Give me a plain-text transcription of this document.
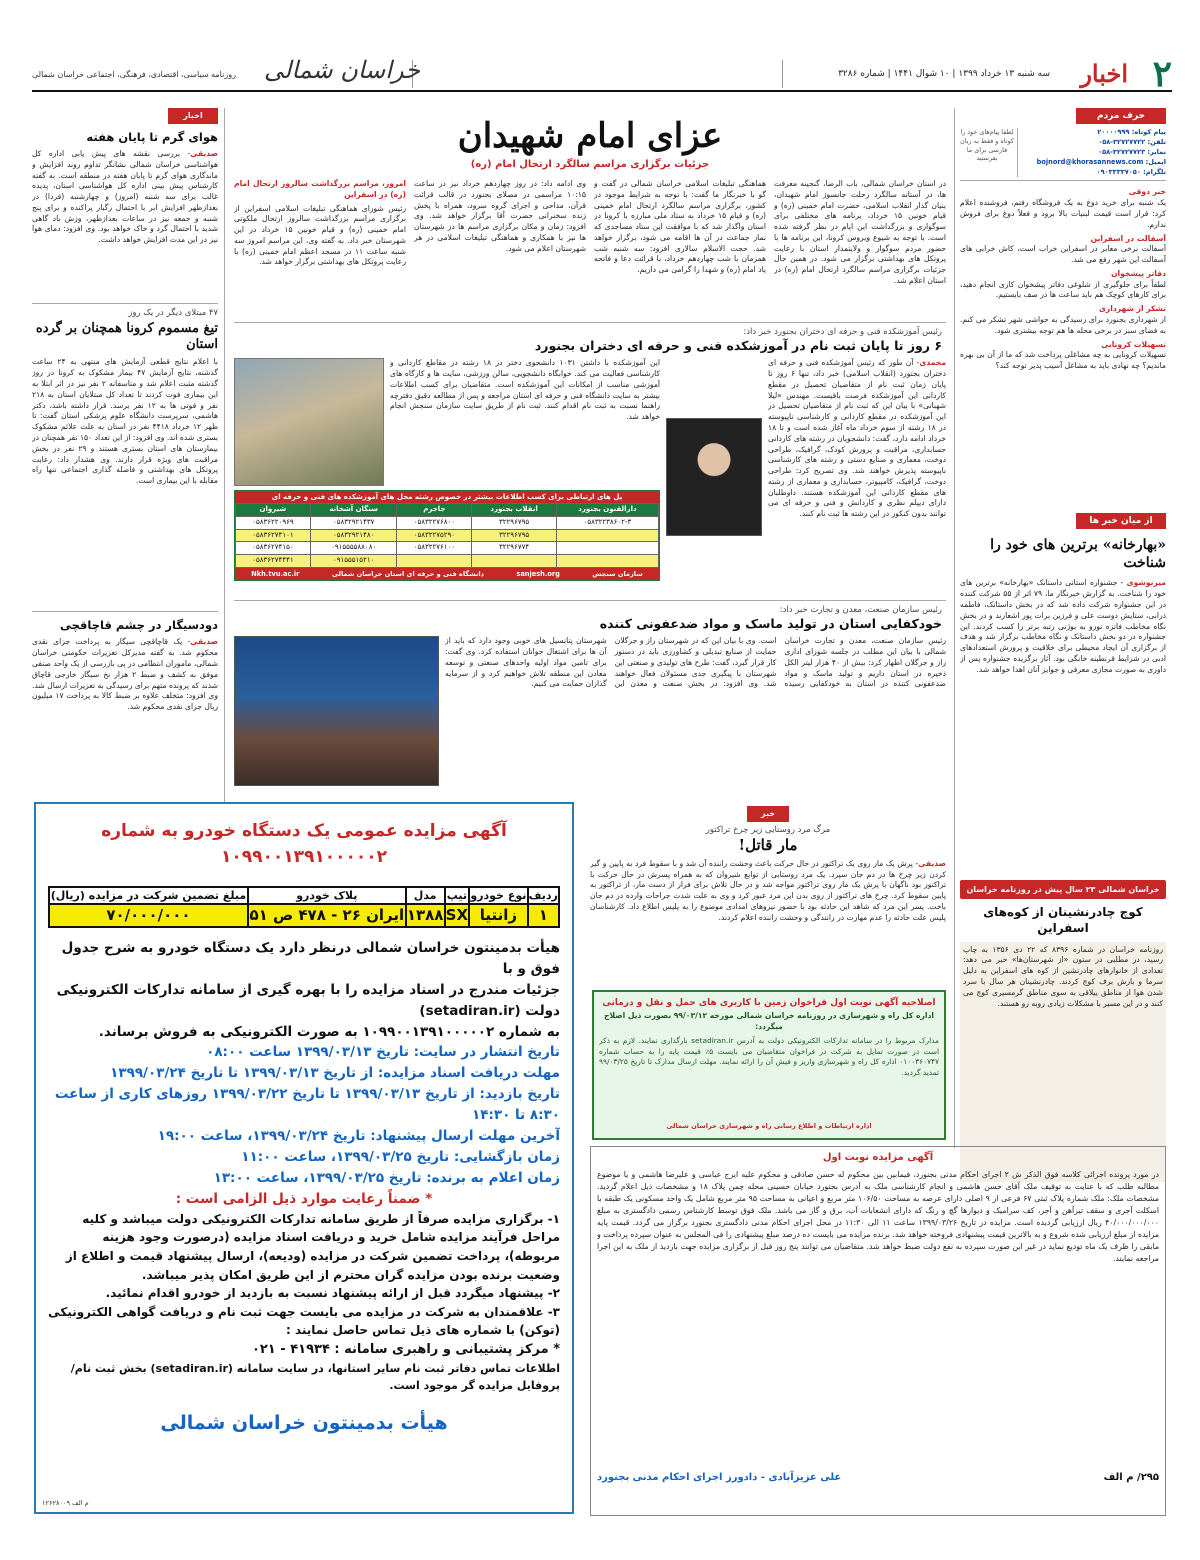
۲
اخبار
سه شنبه ۱۳ خرداد ۱۳۹۹ | ۱۰ شوال ۱۴۴۱ | شماره ۳۲۸۶
خراسان شمالی
روزنامه سیاسی، اقتصادی، فرهنگی، اجتماعی خراسان شمالی
حرف مردم
پیام کوتاه: ۲۰۰۰۰۹۹۹
تلفن: ۳۲۷۲۷۷۲۲-۰۵۸
نمابر: ۳۲۷۲۷۷۲۳-۰۵۸
ایمیل: bojnord@khorasannews.com
تلگرام: ۰۹۰۳۳۳۳۷۰۵۰
لطفا پیام‌های خود را کوتاه و فقط به زبان فارسی برای ما بفرستید

خبر دوقی
یک شنبه برای خرید دوغ به یک فروشگاه رفتم، فروشنده اعلام کرد: قرار است قیمت لبنیات بالا برود و فعلاً دوغ برای فروش ندارم.

آسفالت در اسفراین
آسفالت برخی معابر در اسفراین خراب است، کاش خرابی های آسفالت این شهر رفع می شد.

دفاتر پیشخوان
لطفاً برای جلوگیری از شلوغی دفاتر پیشخوان کاری انجام دهید، برای کارهای کوچک هم باید ساعت ها در صف بایستیم.

تشکر از شهرداری
از شهرداری بجنورد برای رسیدگی به حواشی شهر تشکر می کنم. به فضای سبز در برخی محله ها هم توجه بیشتری شود.

تسهیلات کرونایی
تسهیلات کرونایی به چه مشاغلی پرداخت شد که ما از آن بی بهره ماندیم؟ چه نهادی باید به مشاغل آسیب پذیر توجه کند؟

از میان خبر ها
«بهارخانه» برترین های خود را شناخت

میرنوشوی - جشنواره استانی داستانک «بهارخانه» برترین های خود را شناخت. به گزارش خبرنگار ما، ۷۹ اثر از ۵۵ شرکت کننده در این جشنواره شرکت داده شد که در بخش داستانک، فاطمه ذرابی، ستایش دوست علی و فرزین برات پور اشعارند و در بخش نگاه مخاطب فاتزه نورو به بوژنی رتبه برتر را کسب کردند. این جشنواره در دو بخش داستانک و نگاه مخاطب برگزار شد و هدف از برگزاری آن ایجاد محیطی برای خلاقیت و پرورش استعدادهای ادبی در شرایط قرنطینه خانگی بود. آثار برگزیده جشنواره پس از داوری به صورت مجازی معرفی و جوایز آنان اهدا خواهد شد.

خراسان شمالی ۲۳ سال پیش در روزنامه خراسان
کوچ چادرنشینان از کوه‌های اسفراین
روزنامه خراسان در شماره ۸۳۹۶ که ۲۲ دی ۱۳۵۶ به چاپ رسید، در مطلبی در ستون «از شهرستان‌ها» خبر می دهد: تعدادی از خانوارهای چادرنشین از کوه های اسفراین به دلیل سرما و بارش برف کوچ کردند. چادرنشینان هر سال با سرد شدن هوا از مناطق ییلاقی به سوی مناطق گرمسیری کوچ می کنند و در این مسیر با مشکلات زیادی روبه رو هستند.
اخبار
هوای گرم تا پایان هفته

صدیقی- بررسی نقشه های پیش یابی اداره کل هواشناسی خراسان شمالی نشانگر تداوم روند افزایش و ماندگاری هوای گرم تا پایان هفته در منطقه است. به گفته کارشناس پیش بینی اداره کل هواشناسی استان، پدیده غالب برای سه شنبه (امروز) و چهارشنبه (فردا) در بعدازظهر افزایش ابر با احتمال رگبار پراکنده و برای پنج شنبه و جمعه نیز در ساعات بعدازظهر، وزش باد گاهی شدید با احتمال گرد و خاک خواهد بود. وی افزود: دمای هوا نیز در این مدت افزایش خواهد داشت.

۴۷ مبتلای دیگر در یک روز
تیغ مسموم کرونا همچنان بر گرده استان
با اعلام نتایج قطعی آزمایش های منتهی به ۲۴ ساعت گذشته، نتایج آزمایش ۴۷ بیمار مشکوک به کرونا در روز گذشته مثبت اعلام شد و متاسفانه ۲ نفر نیز در اثر ابتلا به این بیماری فوت کردند تا تعداد کل مبتلایان استان به ۲۱۸ نفر و فوتی ها به ۱۲ نفر برسد. قرار داشته باشد، دکتر هاشمی، سرپرست دانشگاه علوم پزشکی استان گفت: تا ظهر ۱۲ خرداد ۴۴۱۸ نفر در استان به علت علائم مشکوک بستری شده اند. وی افزود: از این تعداد ۱۵۰ نفر همچنان در بیمارستان های استان بستری هستند و ۲۹ نفر در بخش مراقبت های ویژه قرار دارند. وی هشدار داد: رعایت پروتکل های بهداشتی و فاصله گذاری اجتماعی تنها راه مقابله با این بیماری است.
دودسیگار در چشم قاچاقچی

صدیقی- یک قاچاقچی سیگار به پرداخت جزای نقدی محکوم شد. به گفته مدیرکل تعزیرات حکومتی خراسان شمالی، ماموران انتظامی در پی بازرسی از یک واحد صنفی موفق به کشف و ضبط ۲ هزار نخ سیگار خارجی قاچاق شدند که پرونده متهم برای رسیدگی به تعزیرات ارسال شد. وی افزود: متخلف علاوه بر ضبط کالا به پرداخت ۱۷ میلیون ریال جزای نقدی محکوم شد.

عزای امام شهیدان
جزئیات برگزاری مراسم سالگرد ارتحال امام (ره)
در استان خراسان شمالی، باب الرضا، گنجینه معرفت ها، در آستانه سالگرد رحلت جانسوز امام شهیدان، بنیان گذار انقلاب اسلامی، حضرت امام خمینی (ره) و قیام خونین ۱۵ خرداد، برنامه های مختلفی برای سوگواری و بزرگداشت این ایام در نظر گرفته شده است. با توجه به شیوع ویروس کرونا، این برنامه ها با حضور مردم سوگوار و ولایتمدار استان با رعایت پروتکل های بهداشتی برگزار می شود. در همین حال جزئیات برگزاری مراسم سالگرد ارتحال امام (ره) در استان اعلام شد.
هماهنگی تبلیغات اسلامی خراسان شمالی در گفت و گو با خبرنگار ما گفت: با توجه به شرایط موجود در کشور، برگزاری مراسم سالگرد ارتحال امام خمینی (ره) و قیام ۱۵ خرداد به ستاد ملی مبارزه با کرونا در استان واگذار شد که با موافقت این ستاد مساجدی که نماز جماعت در آن ها اقامه می شود، برگزار خواهد شد. حجت الاسلام سالاری افزود: سه شنبه شب همزمان با شب چهاردهم خرداد، با قرائت دعا و فاتحه یاد امام (ره) و شهدا را گرامی می داریم.
وی ادامه داد: در روز چهاردهم خرداد نیز در ساعت ۱۰:۱۵ مراسمی در مصلای بجنورد در قالب قرائت قرآن، مداحی و اجرای گروه سرود، همراه با پخش زنده سخنرانی حضرت آقا برگزار خواهد شد. وی افزود: زمان و مکان برگزاری مراسم ها در شهرستان ها نیز با همکاری و هماهنگی تبلیغات اسلامی در هر شهرستان اعلام می شود.

امروز، مراسم بزرگداشت سالروز ارتحال امام (ره) در اسفراین

رئیس شورای هماهنگی تبلیغات اسلامی اسفراین از برگزاری مراسم بزرگداشت سالروز ارتحال ملکوتی امام خمینی (ره) و قیام خونین ۱۵ خرداد در این شهرستان خبر داد. به گفته وی، این مراسم امروز سه شنبه ساعت ۱۱ در مسجد اعظم امام خمینی (ره) با رعایت پروتکل های بهداشتی برگزار خواهد شد.

رئیس آموزشکده فنی و حرفه ای دختران بجنورد خبر داد:
۶ روز تا پایان ثبت نام در آموزشکده فنی و حرفه ای دختران بجنورد

محمدی- آن طور که رئیس آموزشکده فنی و حرفه ای دختران بجنورد (انقلاب اسلامی) خبر داد، تنها ۶ روز تا پایان زمان ثبت نام از متقاضیان تحصیل در مقطع کاردانی این آموزشکده فرصت باقیست. مهندس «لیلا شهبانی» با بیان این که ثبت نام از متقاضیان تحصیل در این آموزشکده در مقطع کاردانی و کارشناسی ناپیوسته در ۱۸ رشته از سوم خرداد ماه آغاز شده است و تا ۱۸ خرداد ادامه دارد، گفت: دانشجویان در رشته های کاردانی حسابداری، مراقبت و پرورش کودک، گرافیک، طراحی دوخت، معماری و صنایع دستی و رشته های کارشناسی ناپیوسته پذیرش خواهند شد. وی تصریح کرد: طراحی دوخت، گرافیک، کامپیوتر، حسابداری و معماری از رشته های مقطع کاردانی این آموزشکده هستند. داوطلبان دارای دیپلم نظری و کاردانش و فنی و حرفه ای می توانند بدون کنکور در این رشته ها ثبت نام کنند.

این آموزشکده با داشتن ۱۰۳۱ دانشجوی دختر در ۱۸ رشته در مقاطع کاردانی و کارشناسی فعالیت می کند. خوابگاه دانشجویی، سالن ورزشی، سایت ها و کارگاه های آموزشی مناسب از امکانات این آموزشکده است. متقاضیان برای کسب اطلاعات بیشتر به سایت دانشگاه فنی و حرفه ای استان مراجعه و پس از مطالعه دقیق دفترچه راهنما نسبت به ثبت نام اقدام کنند. ثبت نام از طریق سایت سازمان سنجش انجام خواهد شد.
پل های ارتباطی برای کسب اطلاعات بیشتر در خصوص رشته محل های آموزشکده های فنی و حرفه ای
دارالقنون بجنورد	انقلاب بجنورد	جاجرم	سنگان آشخانه	شیروان
۰۵۸۳۲۲۳۸۶۰۲-۳	۳۲۲۹۶۷۹۵	۰۵۸۳۲۲۷۶۸۰۰	۰۵۸۳۲۹۲۱۴۳۷	۰۵۸۳۶۲۲۰۹۶۹
	۳۲۲۹۶۷۹۵	۰۵۸۳۲۲۷۵۲۹۰	۰۵۸۳۲۹۲۱۴۸۰	۰۵۸۳۶۲۷۴۱۰۱
	۳۲۲۹۶۷۷۴	۰۵۸۳۲۲۷۶۱۰۰	۰۹۱۵۵۵۵۸۸۰۸۰	۰۵۸۳۶۲۷۴۱۵۰
			۰۹۱۵۵۵۱۵۲۱۰	۰۵۸۳۶۲۷۴۴۴۱
سازمان سنجش
sanjesh.org
دانشگاه فنی و حرفه ای استان خراسان شمالی
Nkh.tvu.ac.ir
رئیس سازمان صنعت، معدن و تجارت خبر داد:
خودکفایی استان در تولید ماسک و مواد ضدعفونی کننده
رئیس سازمان صنعت، معدن و تجارت خراسان شمالی با بیان این مطلب در جلسه شورای اداری راز و جرگلان اظهار کرد: بیش از ۴۰ هزار لیتر الکل ذخیره در استان داریم و تولید ماسک و مواد ضدعفونی کننده در استان به خودکفایی رسیده است. وی با بیان این که در شهرستان راز و جرگلان حمایت از صنایع تبدیلی و کشاورزی باید در دستور کار قرار گیرد، گفت: طرح های تولیدی و صنعتی این شهرستان با پیگیری جدی مسئولان فعال خواهند شد. وی افزود: در بخش صنعت و معدن این شهرستان پتانسیل های خوبی وجود دارد که باید از آن ها برای اشتغال جوانان استفاده کرد. وی گفت: برای تامین مواد اولیه واحدهای صنعتی و توسعه معادن این منطقه تلاش خواهیم کرد و از سرمایه گذاران حمایت می کنیم.
آگهی مزایده عمومی یک دستگاه خودرو به شماره ۱۰۹۹۰۰۱۳۹۱۰۰۰۰۰۲
ردیف	نوع خودرو	تیپ	مدل	پلاک خودرو	مبلغ تضمین شرکت در مزایده (ریال)
۱	زانتیا	SX	۱۳۸۸	ایران ۲۶ - ۴۷۸ ص ۵۱	۷۰/۰۰۰/۰۰۰
هیأت بدمینتون خراسان شمالی درنظر دارد یک دستگاه خودرو به شرح جدول فوق و با
جزئیات مندرج در اسناد مزایده را با بهره گیری از سامانه تدارکات الکترونیکی دولت (setadiran.ir)
به شماره ۱۰۹۹۰۰۱۳۹۱۰۰۰۰۰۲ به صورت الکترونیکی به فروش برساند.
تاریخ انتشار در سایت: تاریخ ۱۳۹۹/۰۳/۱۳ ساعت ۰۸:۰۰
مهلت دریافت اسناد مزایده: از تاریخ ۱۳۹۹/۰۳/۱۳ تا تاریخ ۱۳۹۹/۰۳/۲۴
تاریخ بازدید: از تاریخ ۱۳۹۹/۰۳/۱۳ تا تاریخ ۱۳۹۹/۰۳/۲۲ روزهای کاری از ساعت ۸:۳۰ تا ۱۴:۳۰
آخرین مهلت ارسال پیشنهاد: تاریخ ۱۳۹۹/۰۳/۲۴، ساعت ۱۹:۰۰
زمان بازگشایی: تاریخ ۱۳۹۹/۰۳/۲۵، ساعت ۱۱:۰۰
زمان اعلام به برنده: تاریخ ۱۳۹۹/۰۳/۲۵، ساعت ۱۳:۰۰
* ضمناً رعایت موارد ذیل الزامی است :
۱- برگزاری مزایده صرفاً از طریق سامانه تدارکات الکترونیکی دولت میباشد و کلیه مراحل فرآیند مزایده شامل خرید و دریافت اسناد مزایده (درصورت وجود هزینه مربوطه)، پرداخت تضمین شرکت در مزایده (ودیعه)، ارسال پیشنهاد قیمت و اطلاع از وضعیت برنده بودن مزایده گران محترم از این طریق امکان پذیر میباشد.
۲- پیشنهاد میگردد قبل از ارائه پیشنهاد نسبت به بازدید از خودرو اقدام نمائید.
۳- علاقمندان به شرکت در مزایده می بایست جهت ثبت نام و دریافت گواهی الکترونیکی (توکن) با شماره های ذیل تماس حاصل نمایند :
* مرکز پشتیبانی و راهبری سامانه : ۴۱۹۳۴ - ۰۲۱
اطلاعات تماس دفاتر ثبت نام سایر استانها، در سایت سامانه (setadiran.ir) بخش ثبت نام/پروفایل مزایده گر موجود است.
هیأت بدمینتون خراسان شمالی
م الف ۱۲۶۲۸۰۰۹
خبر
مرگ مرد روستایی زیر چرخ تراکتور
مار قاتل!

صدیقی- پرش یک مار روی یک تراکتور در حال حرکت باعث وحشت راننده آن شد و با سقوط فرد به پایین و گیر کردن زیر چرخ ها در دم جان سپرد. یک مرد روستایی از توابع شیروان که به همراه پسرش در حال حرکت با تراکتور بود ناگهان با پرش یک مار روی تراکتور مواجه شد و در حال تلاش برای فرار از دست مار، از تراکتور به پایین سقوط کرد. چرخ های تراکتور از روی بدن این مرد عبور کرد و وی به علت شدت جراحات وارده در دم جان باخت. پسر این مرد که شاهد این حادثه بود با حضور نیروهای امدادی موضوع را به پلیس اطلاع داد. کارشناسان پلیس علت حادثه را عدم مهارت در رانندگی و وحشت راننده اعلام کردند.

اصلاحیه آگهی نوبت اول فراخوان زمین با کاربری های حمل و نقل و درمانی
اداره کل راه و شهرسازی در روزنامه خراسان شمالی مورخه ۹۹/۰۳/۱۲ بصورت ذیل اصلاح میگردد:
مدارک مربوط را در سامانه تدارکات الکترونیکی دولت به آدرس setadiran.ir بارگذاری نمایند. لازم به ذکر است در صورت تمایل به شرکت در فراخوان متقاضیان می بایست ۵٪ قیمت پایه را به حساب شماره ۰۱۰۰۳۶۰۷۴۷ اداره کل راه و شهرسازی واریز و فیش آن را ارائه نمایند. مهلت ارسال مدارک تا تاریخ ۹۹/۰۳/۲۵ تمدید گردید.
اداره ارتباطات و اطلاع رسانی راه و شهرسازی خراسان شمالی
آگهی مزایده نوبت اول
در مورد پرونده اجرائی کلاسه فوق الذکر ش ۲ اجرای احکام مدنی بجنورد، فیمابین بین محکوم له حسن صادقی و محکوم علیه ایرج عباسی و علیرضا هاشمی و یا موضوع مطالبه طلب که با عنایت به توقیف ملک آقای حسن هاشمی و انجام کارشناسی ملک به آدرس بجنورد خیابان حسینی محله چمن پلاک ۱۸ و مشخصات ذیل اعلام گردید. مشخصات ملک: ملک شماره پلاک ثبتی ۶۷ فرعی از ۹ اصلی دارای عرصه به مساحت ۱۰۶/۵۰ متر مربع و اعیانی به مساحت ۹۵ متر مربع شامل یک واحد مسکونی یک طبقه با اسکلت آجری و سقف تیرآهن و آجر، کف سرامیک و دیوارها گچ و رنگ که دارای انشعابات آب، برق و گاز می باشد. ملک فوق توسط کارشناس رسمی دادگستری به مبلغ ۴۰/۰۰۰/۰۰۰/۰۰۰ ریال ارزیابی گردیده است. مزایده در تاریخ ۱۳۹۹/۰۳/۲۶ ساعت ۱۱ الی ۱۱:۳۰ در محل اجرای احکام مدنی دادگستری بجنورد برگزار می گردد. قیمت پایه مزایده از مبلغ ارزیابی شده شروع و به بالاترین قیمت پیشنهادی فروخته خواهد شد. برنده مزایده می بایست ده درصد مبلغ پیشنهادی را فی المجلس به عنوان سپرده پرداخت و مابقی را ظرف یک ماه تودیع نماید در غیر این صورت سپرده به نفع دولت ضبط خواهد شد. متقاضیان می توانند پنج روز قبل از برگزاری مزایده جهت بازدید از ملک به این اجرا مراجعه نمایند.
۲۹۵/ م الف
علی عزیزآبادی - دادورز اجرای احکام مدنی بجنورد
